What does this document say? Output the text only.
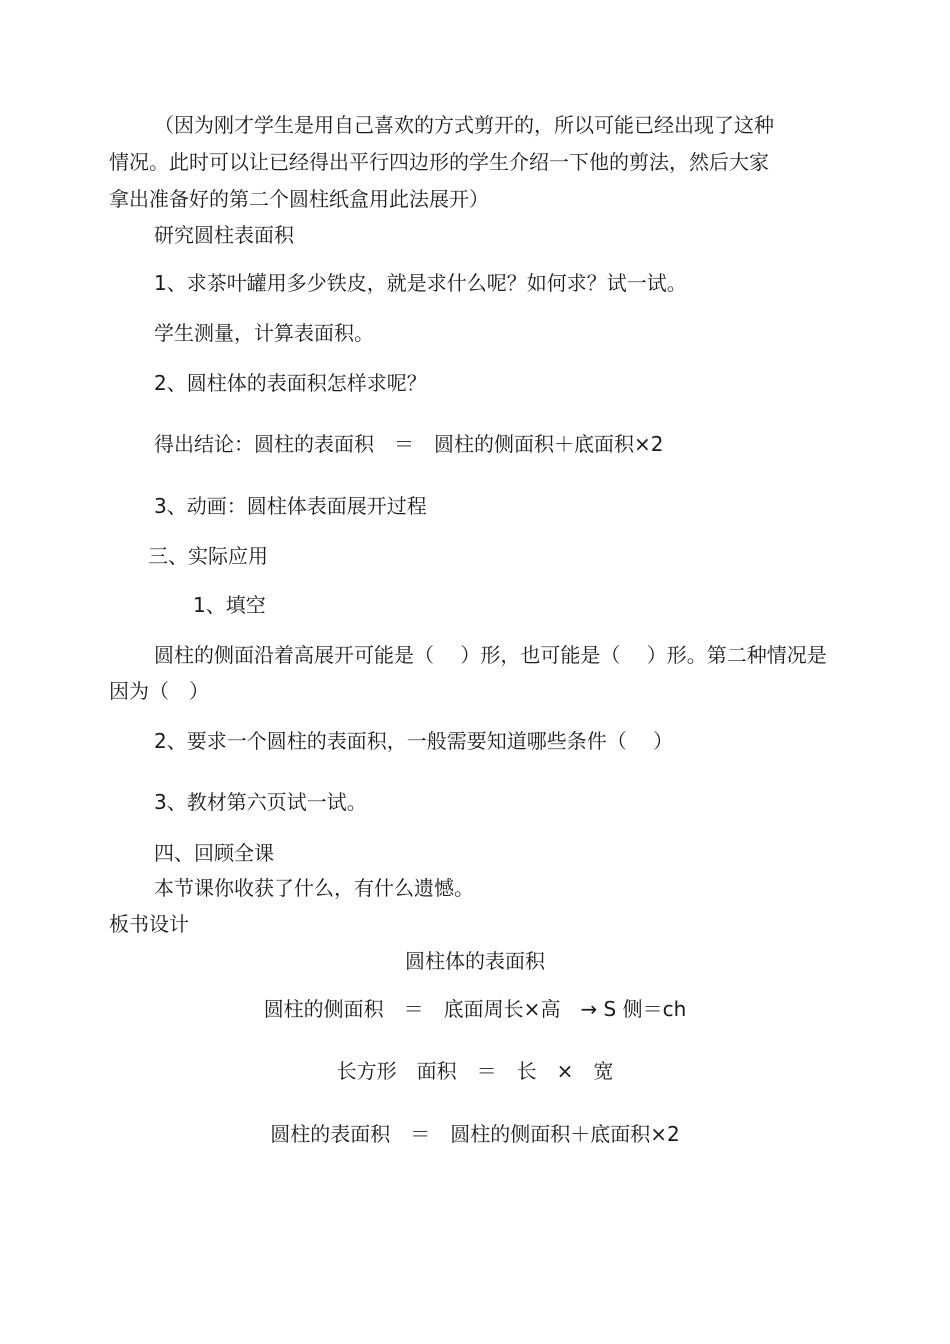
（因为刚才学生是用自己喜欢的方式剪开的，所以可能已经出现了这种
情况。此时可以让已经得出平行四边形的学生介绍一下他的剪法，然后大家
拿出准备好的第二个圆柱纸盒用此法展开）
研究圆柱表面积
1、求茶叶罐用多少铁皮，就是求什么呢？如何求？试一试。
学生测量，计算表面积。
2、圆柱体的表面积怎样求呢？
得出结论：圆柱的表面积　＝　圆柱的侧面积＋底面积×2
3、动画：圆柱体表面展开过程
三、实际应用
1、填空
圆柱的侧面沿着高展开可能是（　 ）形，也可能是（　 ）形。第二种情况是
因为（　）
2、要求一个圆柱的表面积，一般需要知道哪些条件（　 ）
3、教材第六页试一试。
四、回顾全课
本节课你收获了什么，有什么遗憾。
板书设计
圆柱体的表面积
圆柱的侧面积　＝　底面周长×高　→ S 侧＝ch
长方形　面积　＝　长　×　宽
圆柱的表面积　＝　圆柱的侧面积＋底面积×2
